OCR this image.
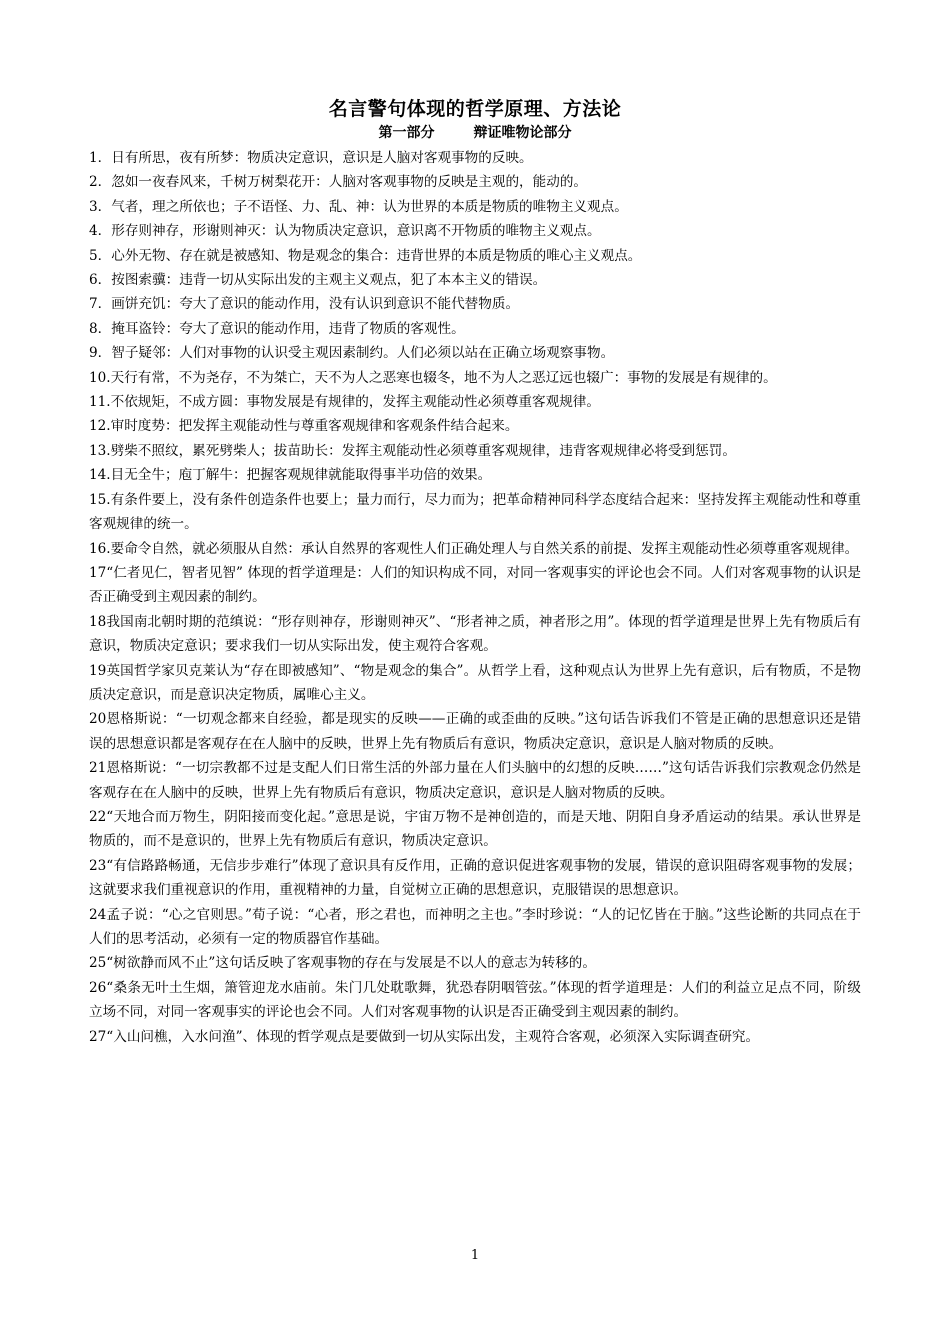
名言警句体现的哲学原理、方法论
第一部分        辩证唯物论部分

1．日有所思，夜有所梦：物质决定意识，意识是人脑对客观事物的反映。

2．忽如一夜春风来，千树万树梨花开：人脑对客观事物的反映是主观的，能动的。

3．气者，理之所依也；子不语怪、力、乱、神：认为世界的本质是物质的唯物主义观点。

4．形存则神存，形谢则神灭：认为物质决定意识，意识离不开物质的唯物主义观点。

5．心外无物、存在就是被感知、物是观念的集合：违背世界的本质是物质的唯心主义观点。

6．按图索骥：违背一切从实际出发的主观主义观点，犯了本本主义的错误。

7．画饼充饥：夸大了意识的能动作用，没有认识到意识不能代替物质。

8．掩耳盗铃：夸大了意识的能动作用，违背了物质的客观性。

9．智子疑邻：人们对事物的认识受主观因素制约。人们必须以站在正确立场观察事物。

10.天行有常，不为尧存，不为桀亡，天不为人之恶寒也辍冬，地不为人之恶辽远也辍广：事物的发展是有规律的。

11.不依规矩，不成方圆：事物发展是有规律的，发挥主观能动性必须尊重客观规律。

12.审时度势：把发挥主观能动性与尊重客观规律和客观条件结合起来。

13.劈柴不照纹，累死劈柴人；拔苗助长：发挥主观能动性必须尊重客观规律，违背客观规律必将受到惩罚。

14.目无全牛；庖丁解牛：把握客观规律就能取得事半功倍的效果。

15.有条件要上，没有条件创造条件也要上；量力而行，尽力而为；把革命精神同科学态度结合起来：坚持发挥主观能动性和尊重客观规律的统一。

16.要命令自然，就必须服从自然：承认自然界的客观性人们正确处理人与自然关系的前提、发挥主观能动性必须尊重客观规律。

17“仁者见仁，智者见智” 体现的哲学道理是：人们的知识构成不同，对同一客观事实的评论也会不同。人们对客观事物的认识是否正确受到主观因素的制约。

18我国南北朝时期的范缜说：“形存则神存，形谢则神灭”、“形者神之质，神者形之用”。体现的哲学道理是世界上先有物质后有意识，物质决定意识；要求我们一切从实际出发，使主观符合客观。

19英国哲学家贝克莱认为“存在即被感知”、“物是观念的集合”。从哲学上看，这种观点认为世界上先有意识，后有物质，不是物质决定意识，而是意识决定物质，属唯心主义。

20恩格斯说：“一切观念都来自经验，都是现实的反映——正确的或歪曲的反映。”这句话告诉我们不管是正确的思想意识还是错误的思想意识都是客观存在在人脑中的反映，世界上先有物质后有意识，物质决定意识，意识是人脑对物质的反映。

21恩格斯说：“一切宗教都不过是支配人们日常生活的外部力量在人们头脑中的幻想的反映……”这句话告诉我们宗教观念仍然是客观存在在人脑中的反映，世界上先有物质后有意识，物质决定意识，意识是人脑对物质的反映。

22“天地合而万物生，阴阳接而变化起。”意思是说，宇宙万物不是神创造的，而是天地、阴阳自身矛盾运动的结果。承认世界是物质的，而不是意识的，世界上先有物质后有意识，物质决定意识。

23“有信路路畅通，无信步步难行”体现了意识具有反作用，正确的意识促进客观事物的发展，错误的意识阻碍客观事物的发展；这就要求我们重视意识的作用，重视精神的力量，自觉树立正确的思想意识，克服错误的思想意识。

24孟子说：“心之官则思。”荀子说：“心者，形之君也，而神明之主也。”李时珍说：“人的记忆皆在于脑。”这些论断的共同点在于人们的思考活动，必须有一定的物质器官作基础。

25“树欲静而风不止”这句话反映了客观事物的存在与发展是不以人的意志为转移的。

26“桑条无叶土生烟，箫管迎龙水庙前。朱门几处耽歌舞，犹恐春阴咽管弦。”体现的哲学道理是：人们的利益立足点不同，阶级立场不同，对同一客观事实的评论也会不同。人们对客观事物的认识是否正确受到主观因素的制约。

27“入山问樵，入水问渔”、体现的哲学观点是要做到一切从实际出发，主观符合客观，必须深入实际调查研究。

1
